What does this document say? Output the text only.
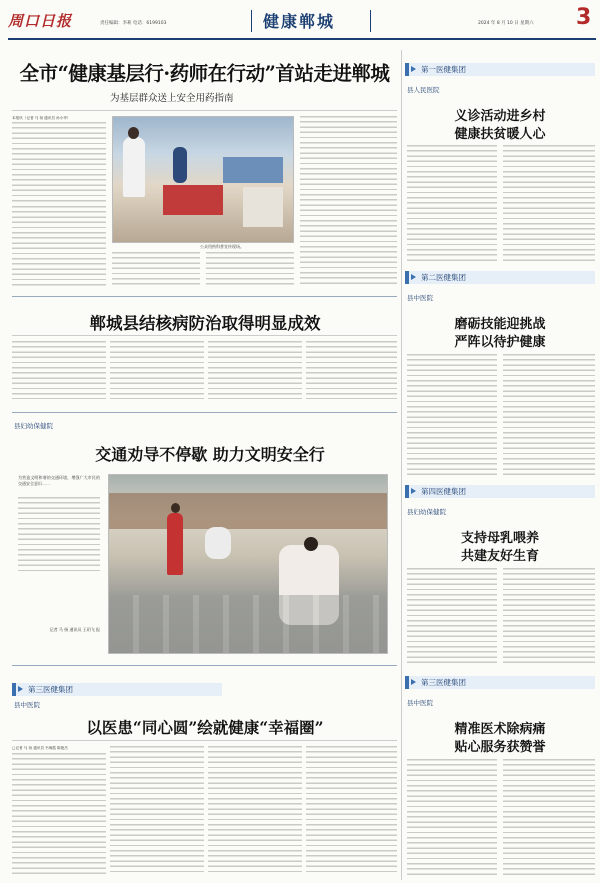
周口日报	责任编辑：李莉 电话：6199103	健康郸城	2024 年 8 月 10 日 星期六 3
全市“健康基层行·药师在行动”首站走进郸城
为基层群众送上安全用药指南
本报讯（记者 马 扬 通讯员 孙小华）
公众用药科普宣传现场。
郸城县结核病防治取得明显成效
县妇幼保健院
交通劝导不停歇 助力文明安全行
为营造文明和谐的交通环境，增强广大市民的交通安全意识……
记者 马 扬 通讯员 王玥飞 报
第三医健集团
县中医院
以医患“同心圆”绘就健康“幸福圈”
□记者 马 扬 通讯员 韦海霞 陈艳杰
第一医健集团
县人民医院
义诊活动进乡村
健康扶贫暖人心
第二医健集团
县中医院
磨砺技能迎挑战
严阵以待护健康
第四医健集团
县妇幼保健院
支持母乳喂养
共建友好生育
第三医健集团
县中医院
精准医术除病痛
贴心服务获赞誉
